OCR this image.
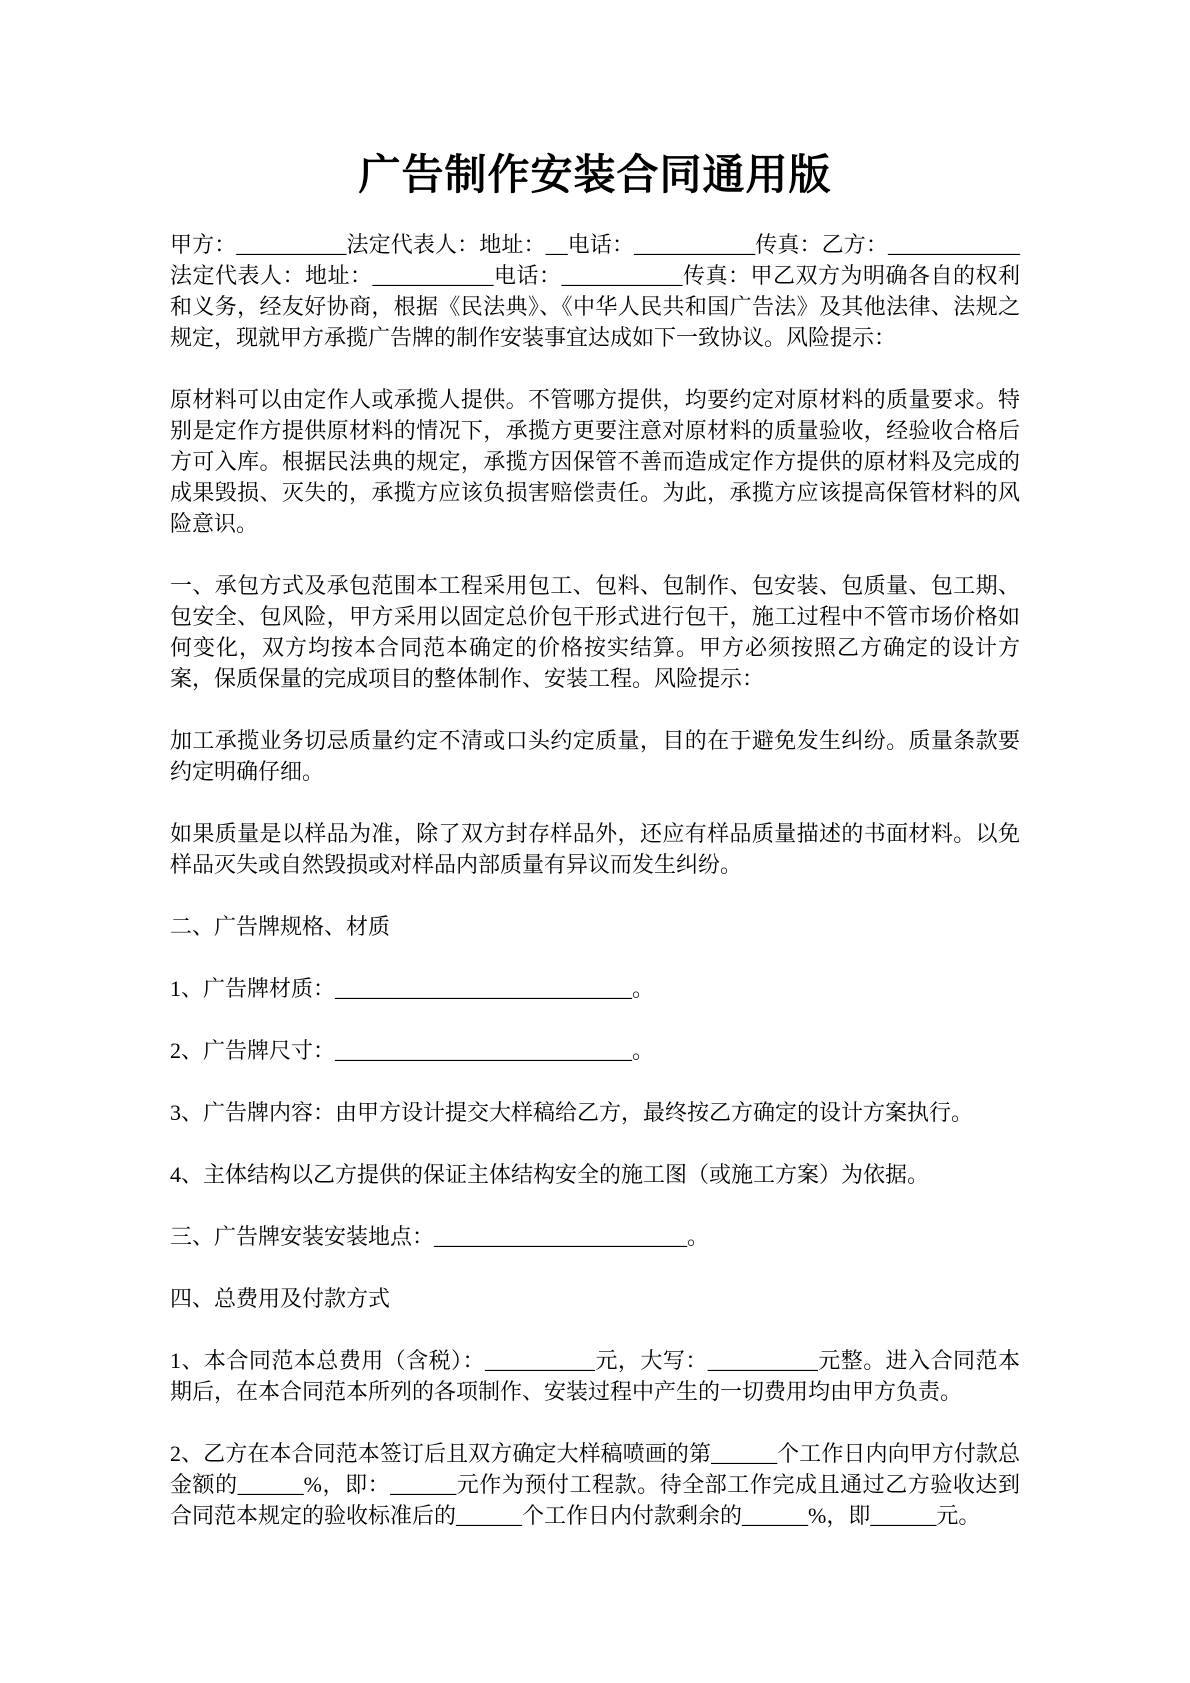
广告制作安装合同通用版

甲方：__________法定代表人：地址：__电话：___________传真：乙方：____________法定代表人：地址：___________电话：___________传真：甲乙双方为明确各自的权利和义务，经友好协商，根据《民法典》、《中华人民共和国广告法》及其他法律、法规之规定，现就甲方承揽广告牌的制作安装事宜达成如下一致协议。风险提示：

原材料可以由定作人或承揽人提供。不管哪方提供，均要约定对原材料的质量要求。特别是定作方提供原材料的情况下，承揽方更要注意对原材料的质量验收，经验收合格后方可入库。根据民法典的规定，承揽方因保管不善而造成定作方提供的原材料及完成的成果毁损、灭失的，承揽方应该负损害赔偿责任。为此，承揽方应该提高保管材料的风险意识。

一、承包方式及承包范围本工程采用包工、包料、包制作、包安装、包质量、包工期、包安全、包风险，甲方采用以固定总价包干形式进行包干，施工过程中不管市场价格如何变化，双方均按本合同范本确定的价格按实结算。甲方必须按照乙方确定的设计方案，保质保量的完成项目的整体制作、安装工程。风险提示：

加工承揽业务切忌质量约定不清或口头约定质量，目的在于避免发生纠纷。质量条款要约定明确仔细。

如果质量是以样品为准，除了双方封存样品外，还应有样品质量描述的书面材料。以免样品灭失或自然毁损或对样品内部质量有异议而发生纠纷。

二、广告牌规格、材质

1、广告牌材质：___________________________。

2、广告牌尺寸：___________________________。

3、广告牌内容：由甲方设计提交大样稿给乙方，最终按乙方确定的设计方案执行。

4、主体结构以乙方提供的保证主体结构安全的施工图（或施工方案）为依据。

三、广告牌安装安装地点：_______________________。

四、总费用及付款方式

1、本合同范本总费用（含税）：__________元，大写：__________元整。进入合同范本期后，在本合同范本所列的各项制作、安装过程中产生的一切费用均由甲方负责。

2、乙方在本合同范本签订后且双方确定大样稿喷画的第______个工作日内向甲方付款总金额的______%，即：______元作为预付工程款。待全部工作完成且通过乙方验收达到合同范本规定的验收标准后的______个工作日内付款剩余的______%，即______元。
